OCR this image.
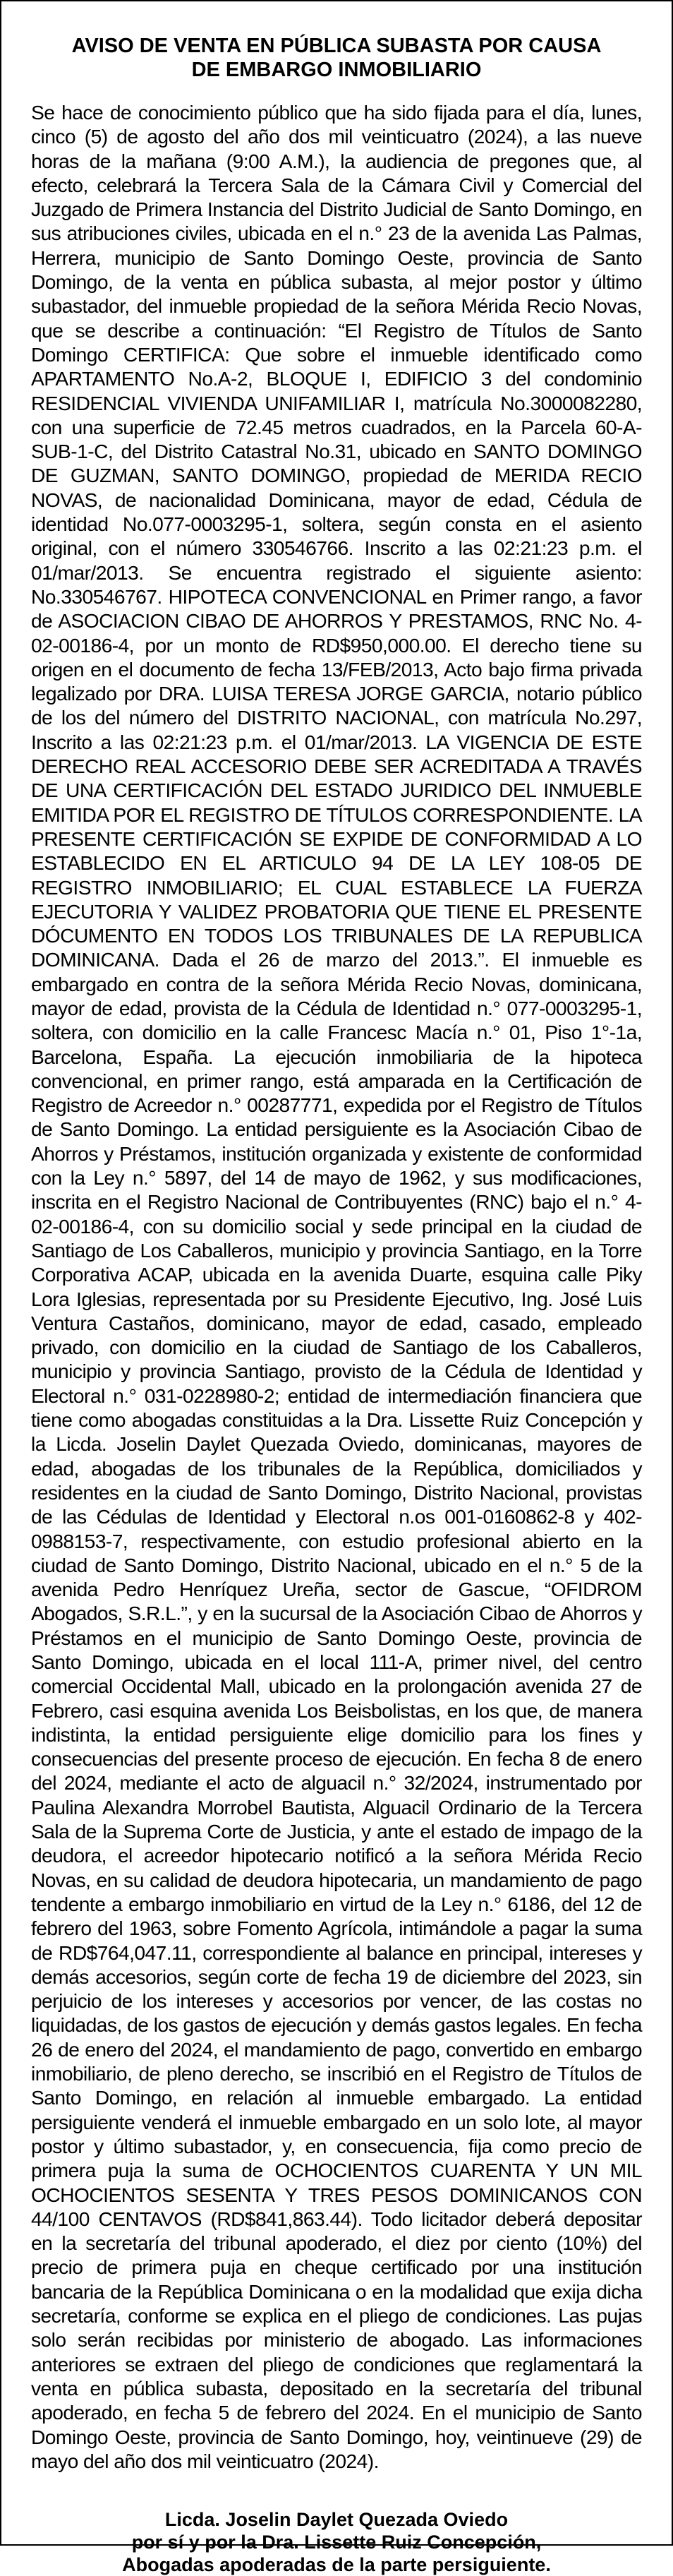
AVISO DE VENTA EN PÚBLICA SUBASTA POR CAUSA
DE EMBARGO INMOBILIARIO

Se hace de conocimiento público que ha sido fijada para el día, lunes, cinco (5) de agosto del año dos mil veinticuatro (2024), a las nueve horas de la mañana (9:00 A.M.), la audiencia de pregones que, al efecto, celebrará la Tercera Sala de la Cámara Civil y Comercial del Juzgado de Primera Instancia del Distrito Judicial de Santo Domingo, en sus atribuciones civiles, ubicada en el n.° 23 de la avenida Las Palmas, Herrera, municipio de Santo Domingo Oeste, provincia de Santo Domingo, de la venta en pública subasta, al mejor postor y último subastador, del inmueble propiedad de la señora Mérida Recio Novas, que se describe a continuación: “El Registro de Títulos de Santo Domingo CERTIFICA: Que sobre el inmueble identificado como APARTAMENTO No.A-2, BLOQUE I, EDIFICIO 3 del condominio RESIDENCIAL VIVIENDA UNIFAMILIAR I, matrícula No.3000082280, con una superficie de 72.45 metros cuadrados, en la Parcela 60-A-SUB-1-C, del Distrito Catastral No.31, ubicado en SANTO DOMINGO DE GUZMAN, SANTO DOMINGO, propiedad de MERIDA RECIO NOVAS, de nacionalidad Dominicana, mayor de edad, Cédula de identidad No.077-0003295-1, soltera, según consta en el asiento original, con el número 330546766. Inscrito a las 02:21:23 p.m. el 01/mar/2013. Se encuentra registrado el siguiente asiento: No.330546767. HIPOTECA CONVENCIONAL en Primer rango, a favor de ASOCIACION CIBAO DE AHORROS Y PRESTAMOS, RNC No. 4-02-00186-4, por un monto de RD$950,000.00. El derecho tiene su origen en el documento de fecha 13/FEB/2013, Acto bajo firma privada legalizado por DRA. LUISA TERESA JORGE GARCIA, notario público de los del número del DISTRITO NACIONAL, con matrícula No.297, Inscrito a las 02:21:23 p.m. el 01/mar/2013. LA VIGENCIA DE ESTE DERECHO REAL ACCESORIO DEBE SER ACREDITADA A TRAVÉS DE UNA CERTIFICACIÓN DEL ESTADO JURIDICO DEL INMUEBLE EMITIDA POR EL REGISTRO DE TÍTULOS CORRESPONDIENTE. LA PRESENTE CERTIFICACIÓN SE EXPIDE DE CONFORMIDAD A LO ESTABLECIDO EN EL ARTICULO 94 DE LA LEY 108-05 DE REGISTRO INMOBILIARIO; EL CUAL ESTABLECE LA FUERZA EJECUTORIA Y VALIDEZ PROBATORIA QUE TIENE EL PRESENTE DÓCUMENTO EN TODOS LOS TRIBUNALES DE LA REPUBLICA DOMINICANA. Dada el 26 de marzo del 2013.”. El inmueble es embargado en contra de la señora Mérida Recio Novas, dominicana, mayor de edad, provista de la Cédula de Identidad n.° 077-0003295-1, soltera, con domicilio en la calle Francesc Macía n.° 01, Piso 1°-1a, Barcelona, España. La ejecución inmobiliaria de la hipoteca convencional, en primer rango, está amparada en la Certificación de Registro de Acreedor n.° 00287771, expedida por el Registro de Títulos de Santo Domingo. La entidad persiguiente es la Asociación Cibao de Ahorros y Préstamos, institución organizada y existente de conformidad con la Ley n.° 5897, del 14 de mayo de 1962, y sus modificaciones, inscrita en el Registro Nacional de Contribuyentes (RNC) bajo el n.° 4-02-00186-4, con su domicilio social y sede principal en la ciudad de Santiago de Los Caballeros, municipio y provincia Santiago, en la Torre Corporativa ACAP, ubicada en la avenida Duarte, esquina calle Piky Lora Iglesias, representada por su Presidente Ejecutivo, Ing. José Luis Ventura Castaños, dominicano, mayor de edad, casado, empleado privado, con domicilio en la ciudad de Santiago de los Caballeros, municipio y provincia Santiago, provisto de la Cédula de Identidad y Electoral n.° 031-0228980-2; entidad de intermediación financiera que tiene como abogadas constituidas a la Dra. Lissette Ruiz Concepción y la Licda. Joselin Daylet Quezada Oviedo, dominicanas, mayores de edad, abogadas de los tribunales de la República, domiciliados y residentes en la ciudad de Santo Domingo, Distrito Nacional, provistas de las Cédulas de Identidad y Electoral n.os 001-0160862-8 y 402-0988153-7, respectivamente, con estudio profesional abierto en la ciudad de Santo Domingo, Distrito Nacional, ubicado en el n.° 5 de la avenida Pedro Henríquez Ureña, sector de Gascue, “OFIDROM Abogados, S.R.L.”, y en la sucursal de la Asociación Cibao de Ahorros y Préstamos en el municipio de Santo Domingo Oeste, provincia de Santo Domingo, ubicada en el local 111-A, primer nivel, del centro comercial Occidental Mall, ubicado en la prolongación avenida 27 de Febrero, casi esquina avenida Los Beisbolistas, en los que, de manera indistinta, la entidad persiguiente elige domicilio para los fines y consecuencias del presente proceso de ejecución. En fecha 8 de enero del 2024, mediante el acto de alguacil n.° 32/2024, instrumentado por Paulina Alexandra Morrobel Bautista, Alguacil Ordinario de la Tercera Sala de la Suprema Corte de Justicia, y ante el estado de impago de la deudora, el acreedor hipotecario notificó a la señora Mérida Recio Novas, en su calidad de deudora hipotecaria, un mandamiento de pago tendente a embargo inmobiliario en virtud de la Ley n.° 6186, del 12 de febrero del 1963, sobre Fomento Agrícola, intimándole a pagar la suma de RD$764,047.11, correspondiente al balance en principal, intereses y demás accesorios, según corte de fecha 19 de diciembre del 2023, sin perjuicio de los intereses y accesorios por vencer, de las costas no liquidadas, de los gastos de ejecución y demás gastos legales. En fecha 26 de enero del 2024, el mandamiento de pago, convertido en embargo inmobiliario, de pleno derecho, se inscribió en el Registro de Títulos de Santo Domingo, en relación al inmueble embargado. La entidad persiguiente venderá el inmueble embargado en un solo lote, al mayor postor y último subastador, y, en consecuencia, fija como precio de primera puja la suma de OCHOCIENTOS CUARENTA Y UN MIL OCHOCIENTOS SESENTA Y TRES PESOS DOMINICANOS CON 44/100 CENTAVOS (RD$841,863.44). Todo licitador deberá depositar en la secretaría del tribunal apoderado, el diez por ciento (10%) del precio de primera puja en cheque certificado por una institución bancaria de la República Dominicana o en la modalidad que exija dicha secretaría, conforme se explica en el pliego de condiciones. Las pujas solo serán recibidas por ministerio de abogado. Las informaciones anteriores se extraen del pliego de condiciones que reglamentará la venta en pública subasta, depositado en la secretaría del tribunal apoderado, en fecha 5 de febrero del 2024. En el municipio de Santo Domingo Oeste, provincia de Santo Domingo, hoy, veintinueve (29) de mayo del año dos mil veinticuatro (2024).

Licda. Joselin Daylet Quezada Oviedo
por sí y por la Dra. Lissette Ruiz Concepción,
Abogadas apoderadas de la parte persiguiente.
